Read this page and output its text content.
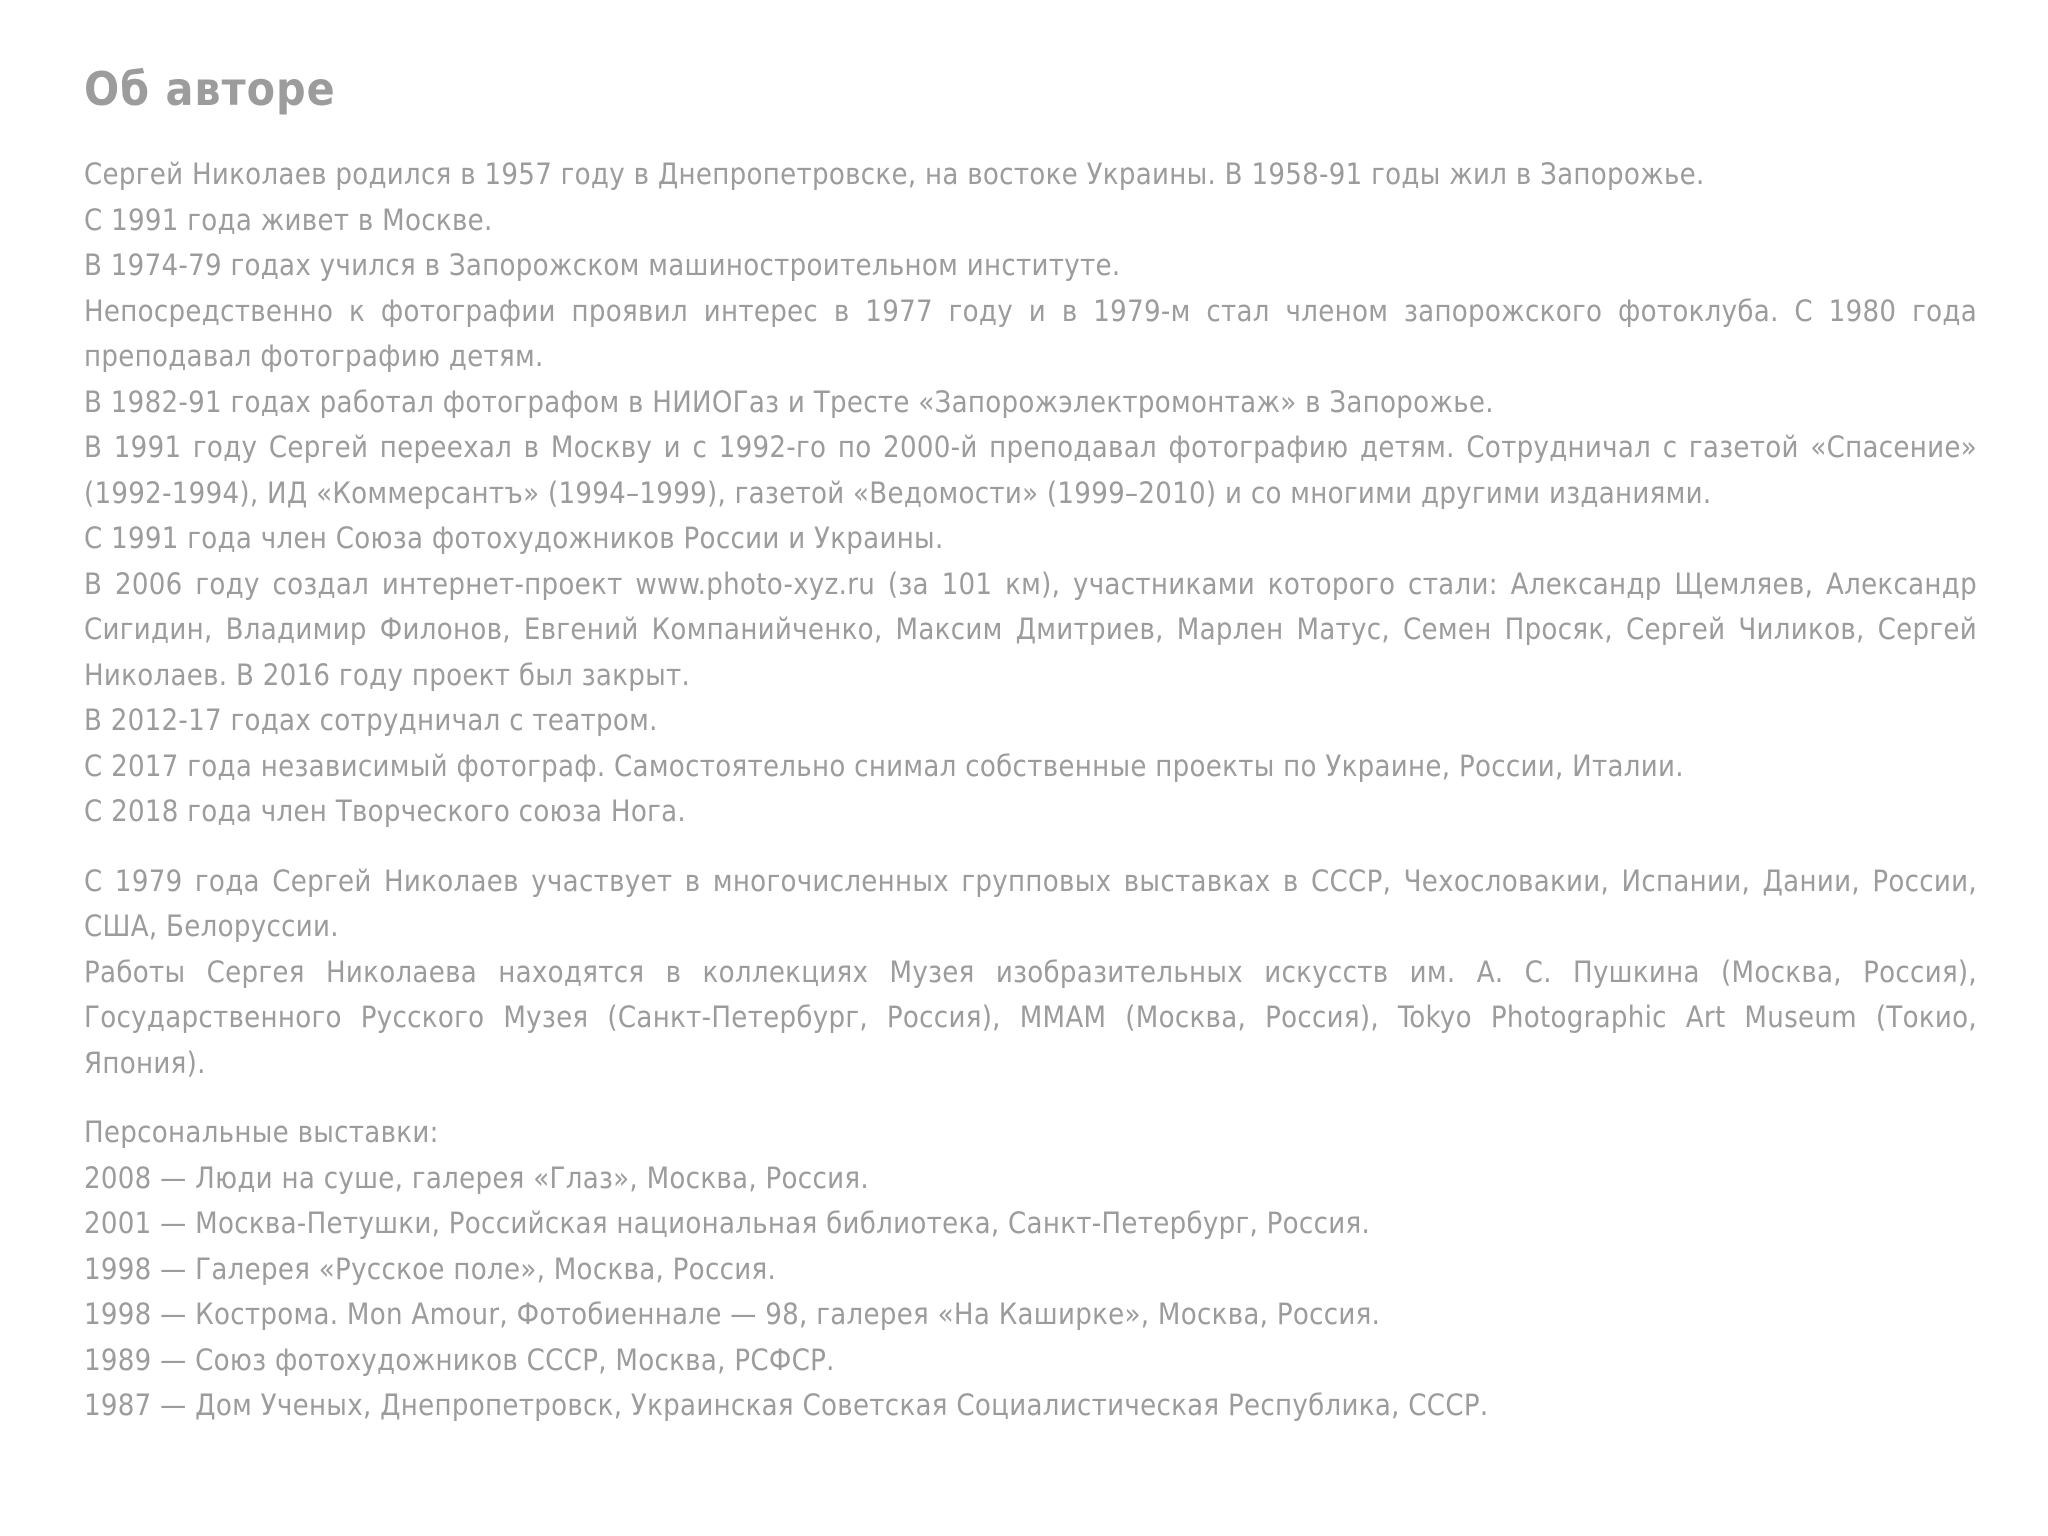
Об авторе

Сергей Николаев родился в 1957 году в Днепропетровске, на востоке Украины. В 1958-91 годы жил в Запорожье.

С 1991 года живет в Москве.

В 1974-79 годах учился в Запорожском машиностроительном институте.

Непосредственно к фотографии проявил интерес в 1977 году и в 1979-м стал членом запорожского фотоклуба. С 1980 года преподавал фотографию детям.

В 1982-91 годах работал фотографом в НИИОГаз и Тресте «Запорожэлектромонтаж» в Запорожье.

В 1991 году Сергей переехал в Москву и с 1992-го по 2000-й преподавал фотографию детям. Сотрудничал с газетой «Спасение» (1992-1994), ИД «Коммерсантъ» (1994–1999), газетой «Ведомости» (1999–2010) и со многими другими изданиями.

С 1991 года член Союза фотохудожников России и Украины.

В 2006 году создал интернет-проект www.photo-xyz.ru (за 101 км), участниками которого стали: Александр Щемляев, Александр Сигидин, Владимир Филонов, Евгений Компанийченко, Максим Дмитриев, Марлен Матус, Семен Просяк, Сергей Чиликов, Сергей Николаев. В 2016 году проект был закрыт.

В 2012-17 годах сотрудничал с театром.

С 2017 года независимый фотограф. Самостоятельно снимал собственные проекты по Украине, России, Италии.

С 2018 года член Творческого союза Нога.

С 1979 года Сергей Николаев участвует в многочисленных групповых выставках в СССР, Чехословакии, Испании, Дании, России, США, Белоруссии.

Работы Сергея Николаева находятся в коллекциях Музея изобразительных искусств им. А. С. Пушкина (Москва, Россия), Государственного Русского Музея (Санкт-Петербург, Россия), ММАМ (Москва, Россия), Tokyo Photographic Art Museum (Токио, Япония).

Персональные выставки:

2008 — Люди на суше, галерея «Глаз», Москва, Россия.

2001 — Москва-Петушки, Российская национальная библиотека, Санкт-Петербург, Россия.

1998 — Галерея «Русское поле», Москва, Россия.

1998 — Кострома. Mon Amour, Фотобиеннале — 98, галерея «На Каширке», Москва, Россия.

1989 — Союз фотохудожников СССР, Москва, РСФСР.

1987 — Дом Ученых, Днепропетровск, Украинская Советская Социалистическая Республика, СССР.
